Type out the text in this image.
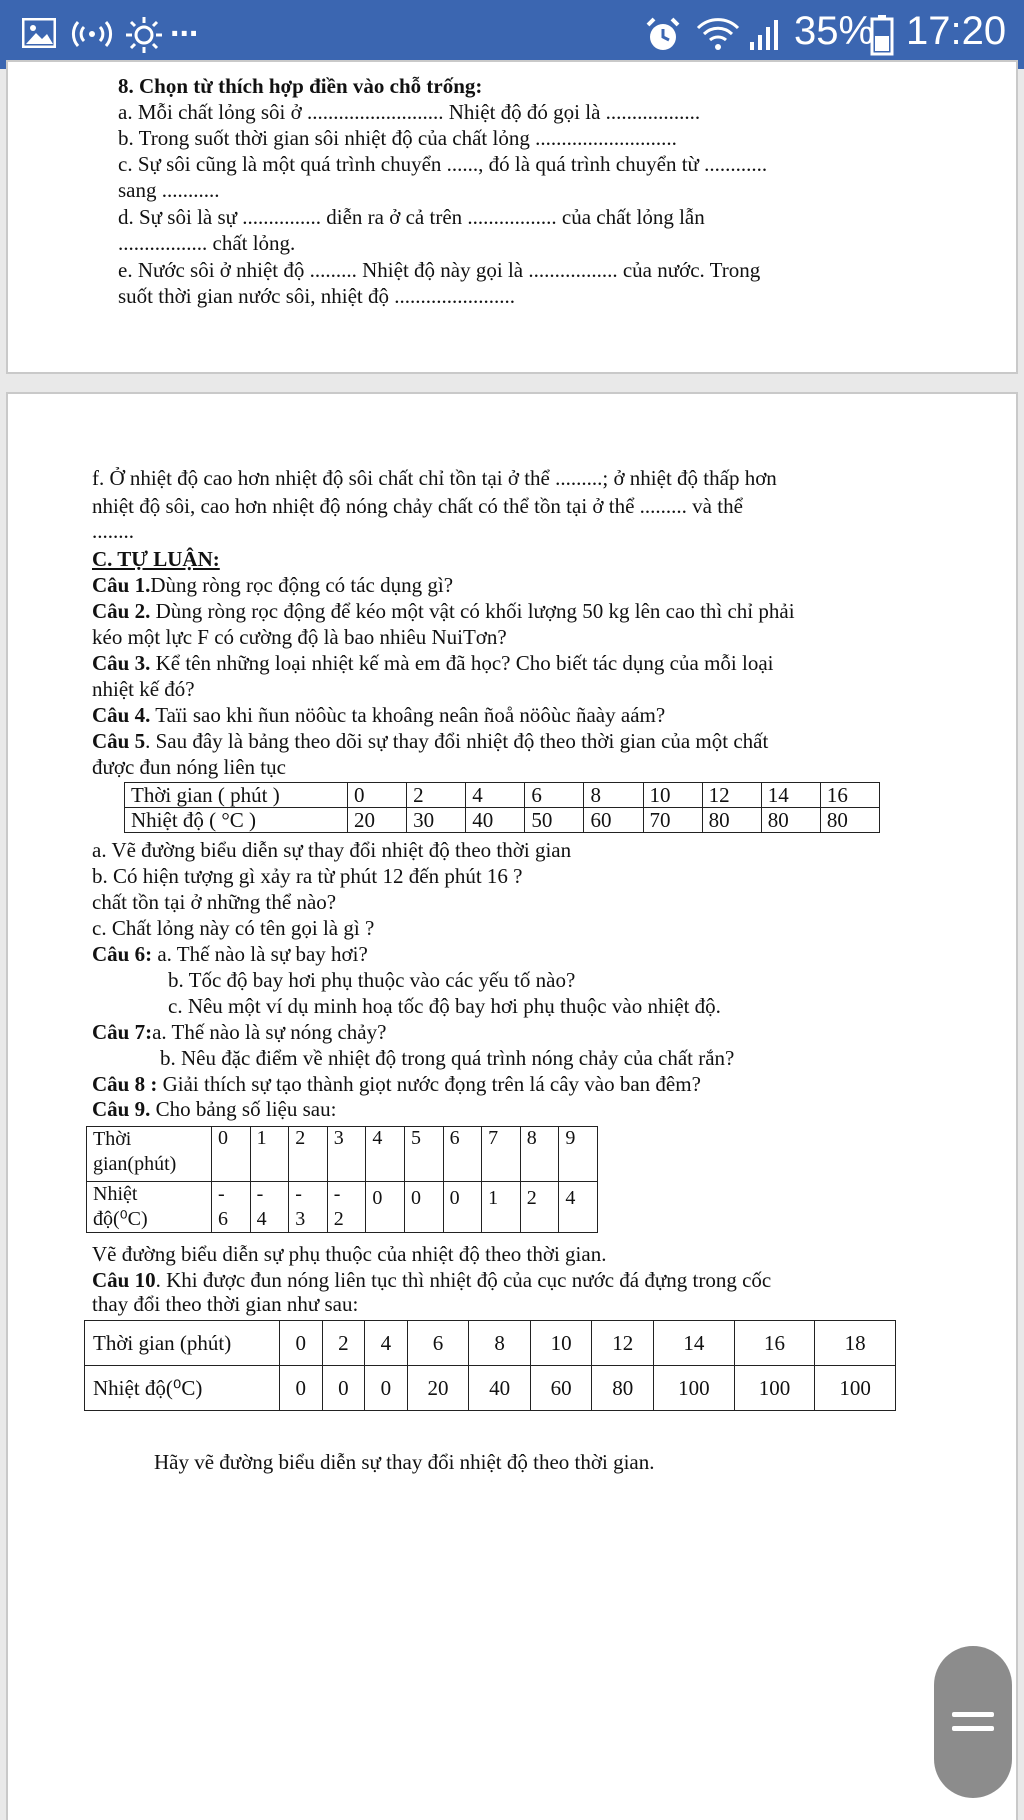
...	35% 17:20
8. Chọn từ thích hợp điền vào chỗ trống:
a. Mỗi chất lỏng sôi ở .......................... Nhiệt độ đó gọi là ..................
b. Trong suốt thời gian sôi nhiệt độ của chất lỏng ...........................
c. Sự sôi cũng là một quá trình chuyển ......, đó là quá trình chuyển từ ............
sang ...........
d. Sự sôi là sự ............... diễn ra ở cả trên ................. của chất lỏng lẫn
................. chất lỏng.
e. Nước sôi ở nhiệt độ ......... Nhiệt độ này gọi là ................. của nước. Trong
suốt thời gian nước sôi, nhiệt độ .......................
f. Ở nhiệt độ cao hơn nhiệt độ sôi chất chỉ tồn tại ở thể .........; ở nhiệt độ thấp hơn
nhiệt độ sôi, cao hơn nhiệt độ nóng chảy chất có thể tồn tại ở thể ......... và thể
........
C. TỰ LUẬN:
Câu 1.Dùng ròng rọc động có tác dụng gì?
Câu 2. Dùng ròng rọc động để kéo một vật có khối lượng 50 kg lên cao thì chỉ phải
kéo một lực F có cường độ là bao nhiêu NuiTơn?
Câu 3. Kể tên những loại nhiệt kế mà em đã học? Cho biết tác dụng của mỗi loại
nhiệt kế đó?
Câu 4. Taïi sao khi ñun nöôùc ta khoâng neân ñoå nöôùc ñaày aám?
Câu 5. Sau đây là bảng theo dõi sự thay đổi nhiệt độ theo thời gian của một chất
được đun nóng liên tục
Thời gian ( phút )	0	2	4	6	8	10	12	14	16
Nhiệt độ ( °C )	20	30	40	50	60	70	80	80	80
a. Vẽ đường biểu diễn sự thay đổi nhiệt độ theo thời gian
b. Có hiện tượng gì xảy ra từ phút 12 đến phút 16 ?
chất tồn tại ở những thể nào?
c. Chất lỏng này có tên gọi là gì ?
Câu 6: a. Thế nào là sự bay hơi?
b. Tốc độ bay hơi phụ thuộc vào các yếu tố nào?
c. Nêu một ví dụ minh hoạ tốc độ bay hơi phụ thuộc vào nhiệt độ.
Câu 7:a. Thế nào là sự nóng chảy?
b. Nêu đặc điểm về nhiệt độ trong quá trình nóng chảy của chất rắn?
Câu 8 : Giải thích sự tạo thành giọt nước đọng trên lá cây vào ban đêm?
Câu 9. Cho bảng số liệu sau:
Thời
gian(phút)	0	1	2	3	4	5	6	7	8	9
Nhiệt
độ(⁰C)	-
6	-
4	-
3	-
2	0	0	0	1	2	4
Vẽ đường biểu diễn sự phụ thuộc của nhiệt độ theo thời gian.
Câu 10. Khi được đun nóng liên tục thì nhiệt độ của cục nước đá đựng trong cốc
thay đổi theo thời gian như sau:
Thời gian (phút)	0	2	4	6	8	10	12	14	16	18
Nhiệt độ(⁰C)	0	0	0	20	40	60	80	100	100	100
Hãy vẽ đường biểu diễn sự thay đổi nhiệt độ theo thời gian.
